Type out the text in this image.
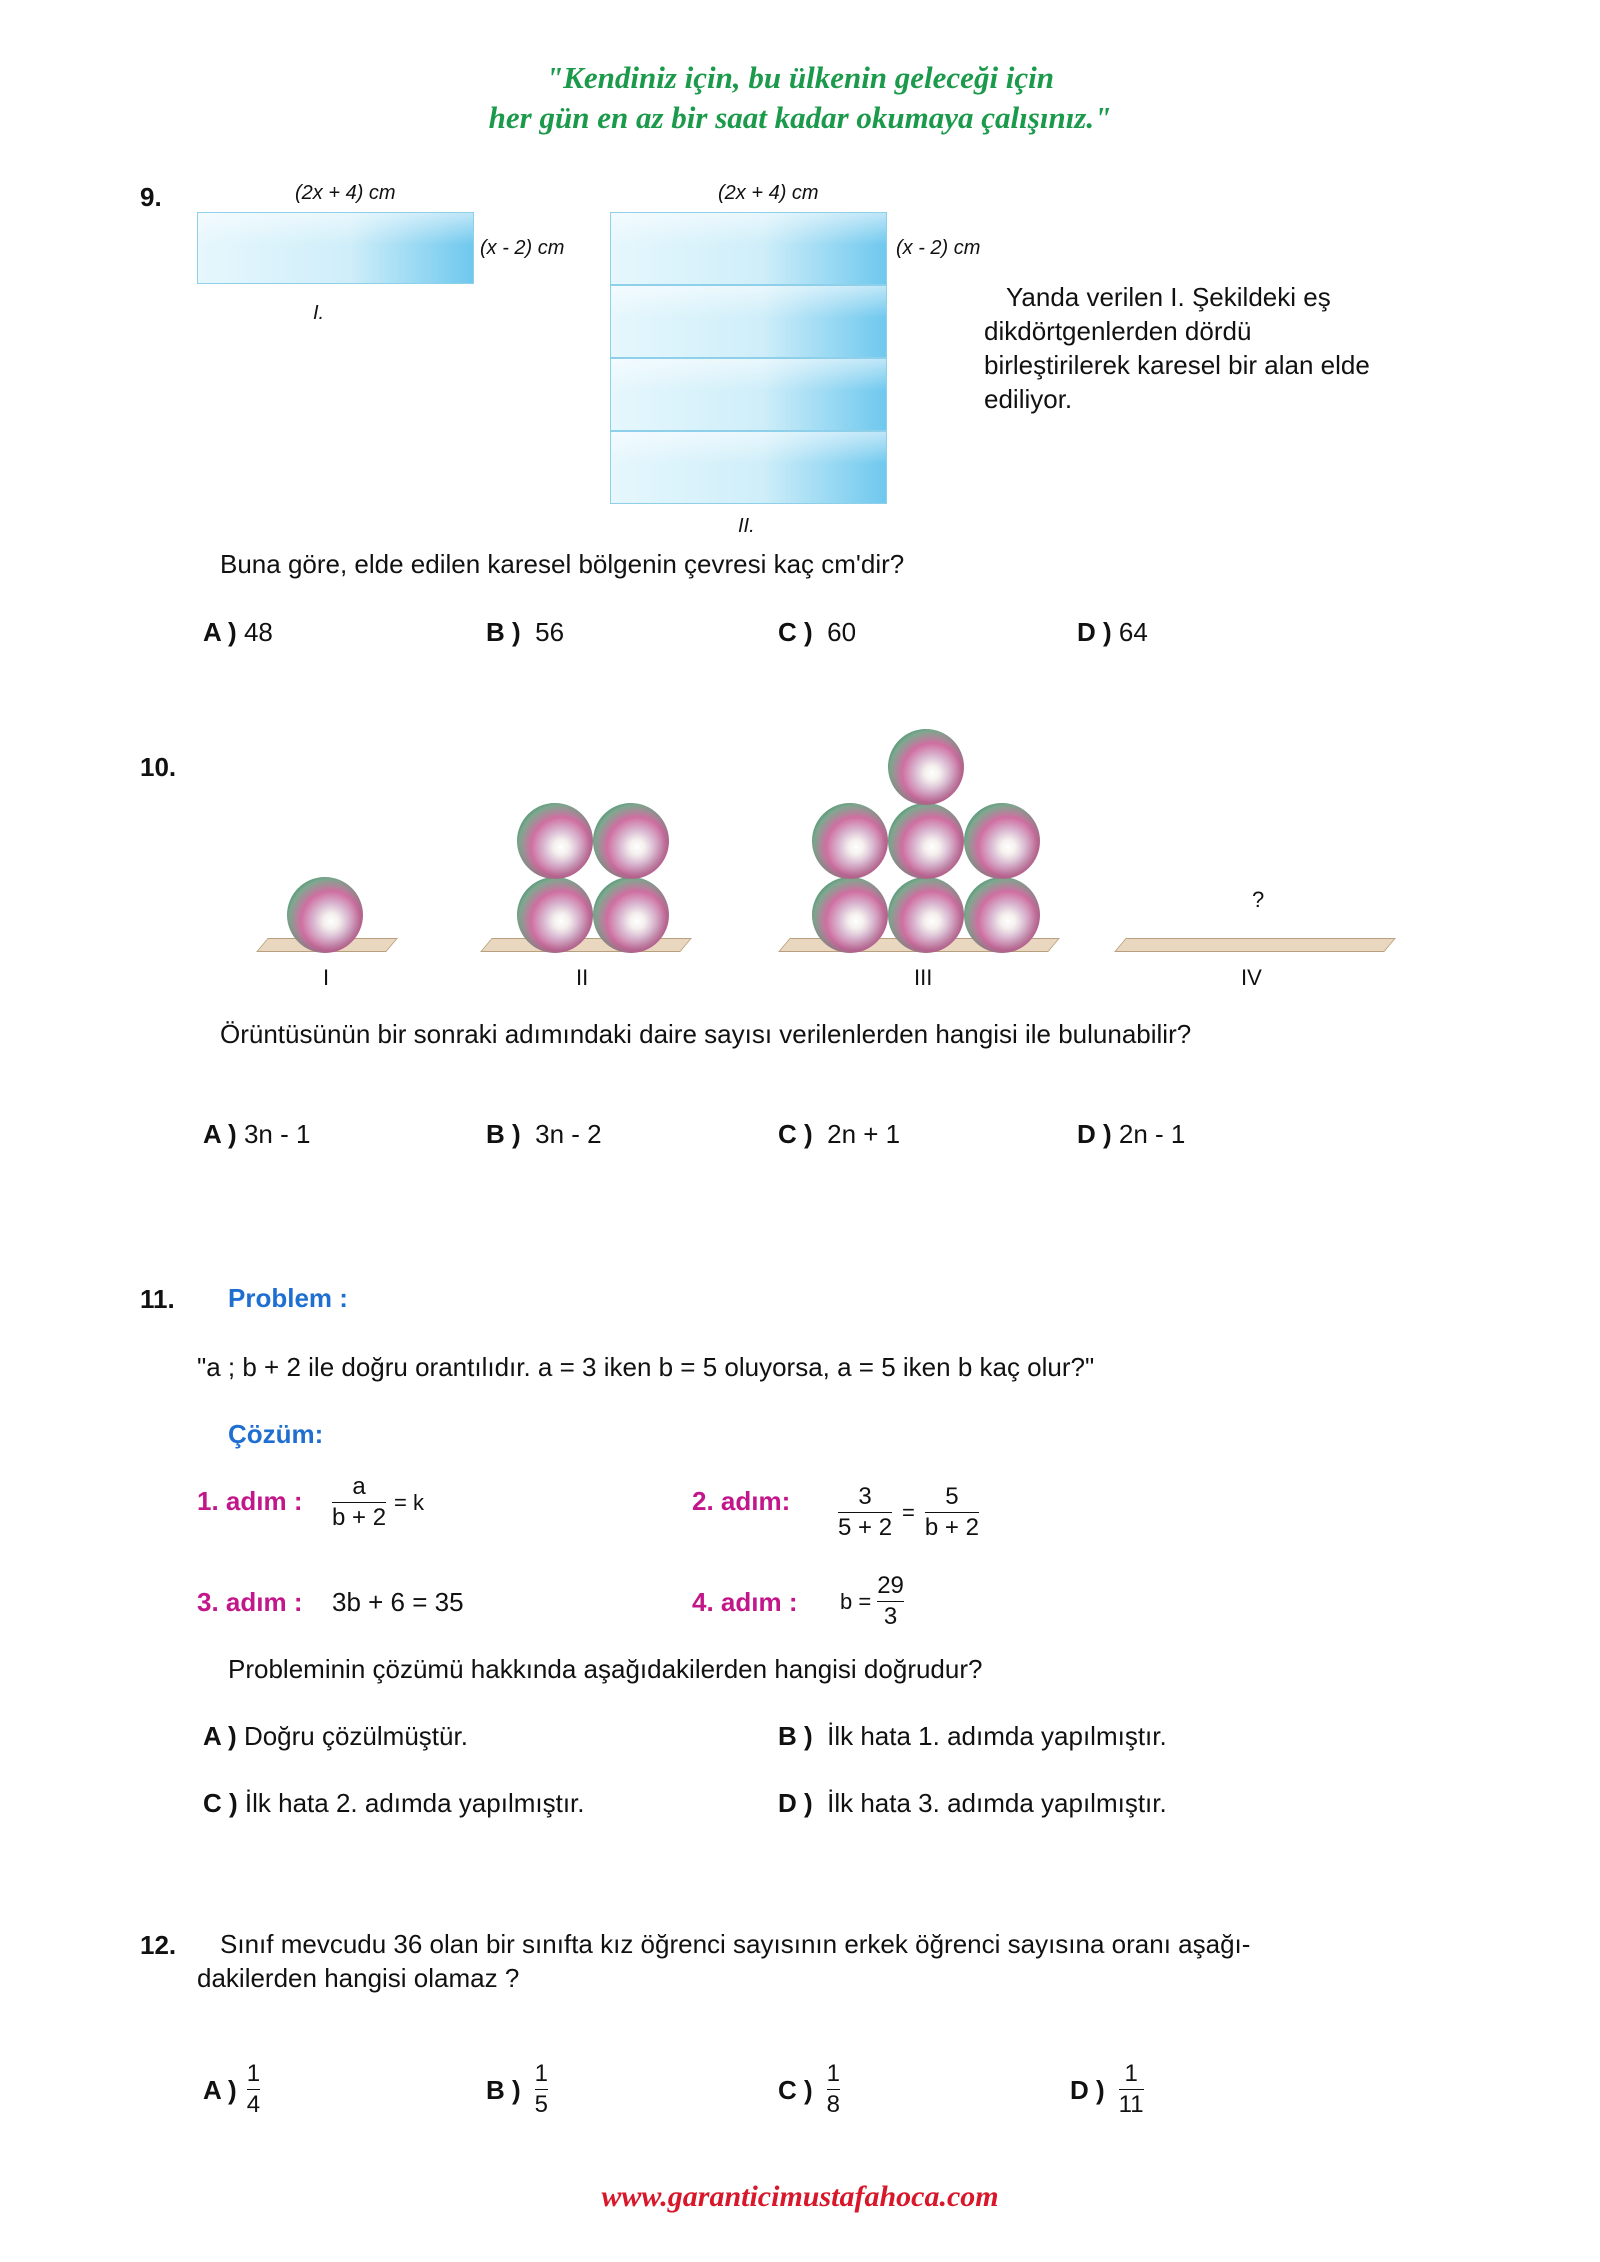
"Kendiniz için, bu ülkenin geleceği için
her gün en az bir saat kadar okumaya çalışınız."
9.	(2x + 4) cm
(x - 2) cm
I.
(2x + 4) cm
(x - 2) cm
II.
Yanda verilen I. Şekildeki eş
dikdörtgenlerden dördü
birleştirilerek karesel bir alan elde
ediliyor.
Buna göre, elde edilen karesel bölgenin çevresi kaç cm'dir?
A ) 48	B ) 56	C ) 60	D ) 64
10.
I	II	III
?
IV
Örüntüsünün bir sonraki adımındaki daire sayısı verilenlerden hangisi ile bulunabilir?
A ) 3n - 1	B ) 3n - 2	C ) 2n + 1	D ) 2n - 1
11. Problem :
"a ; b + 2 ile doğru orantılıdır. a = 3 iken b = 5 oluyorsa, a = 5 iken b kaç olur?"
Çözüm:
1. adım : $\frac{a}{b + 2} = k$	2. adım: $\frac{3}{5 + 2} = \frac{5}{b + 2}$
3. adım : 3b + 6 = 35	4. adım : $b = \frac{29}{3}$
Probleminin çözümü hakkında aşağıdakilerden hangisi doğrudur?
A ) Doğru çözülmüştür.	B ) İlk hata 1. adımda yapılmıştır.
C ) İlk hata 2. adımda yapılmıştır.	D ) İlk hata 3. adımda yapılmıştır.
12. Sınıf mevcudu 36 olan bir sınıfta kız öğrenci sayısının erkek öğrenci sayısına oranı aşağı-
dakilerden hangisi olamaz ?
A ) $\frac{1}{4}$	B ) $\frac{1}{5}$	C ) $\frac{1}{8}$	D ) $\frac{1}{11}$
www.garanticimustafahoca.com
